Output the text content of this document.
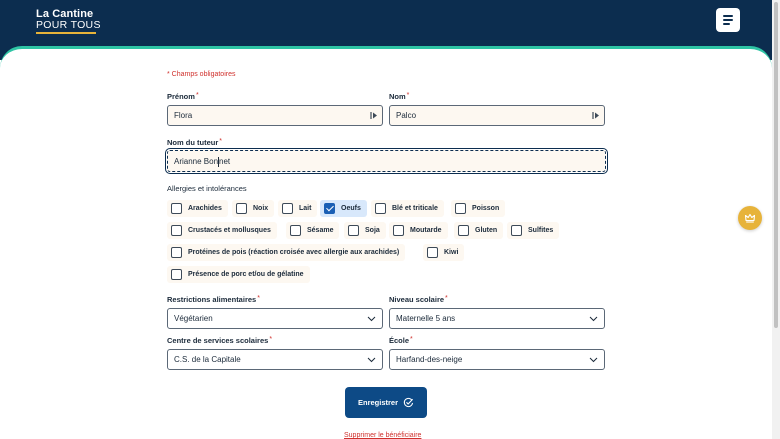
La Cantine
POUR TOUS
* Champs obligatoires
Prénom*
Flora
Nom*
Palco
Nom du tuteur*
Arianne Bon net
Allergies et intolérances
Arachides	Noix	Lait	Oeufs	Blé et triticale	Poisson
Crustacés et mollusques	Sésame	Soja	Moutarde	Gluten	Sulfites
Protéines de pois (réaction croisée avec allergie aux arachides)	Kiwi
Présence de porc et/ou de gélatine
Restrictions alimentaires*
Végétarien
Niveau scolaire*
Maternelle 5 ans
Centre de services scolaires*
C.S. de la Capitale
École*
Harfand-des-neige
Enregistrer
Supprimer le bénéficiaire
